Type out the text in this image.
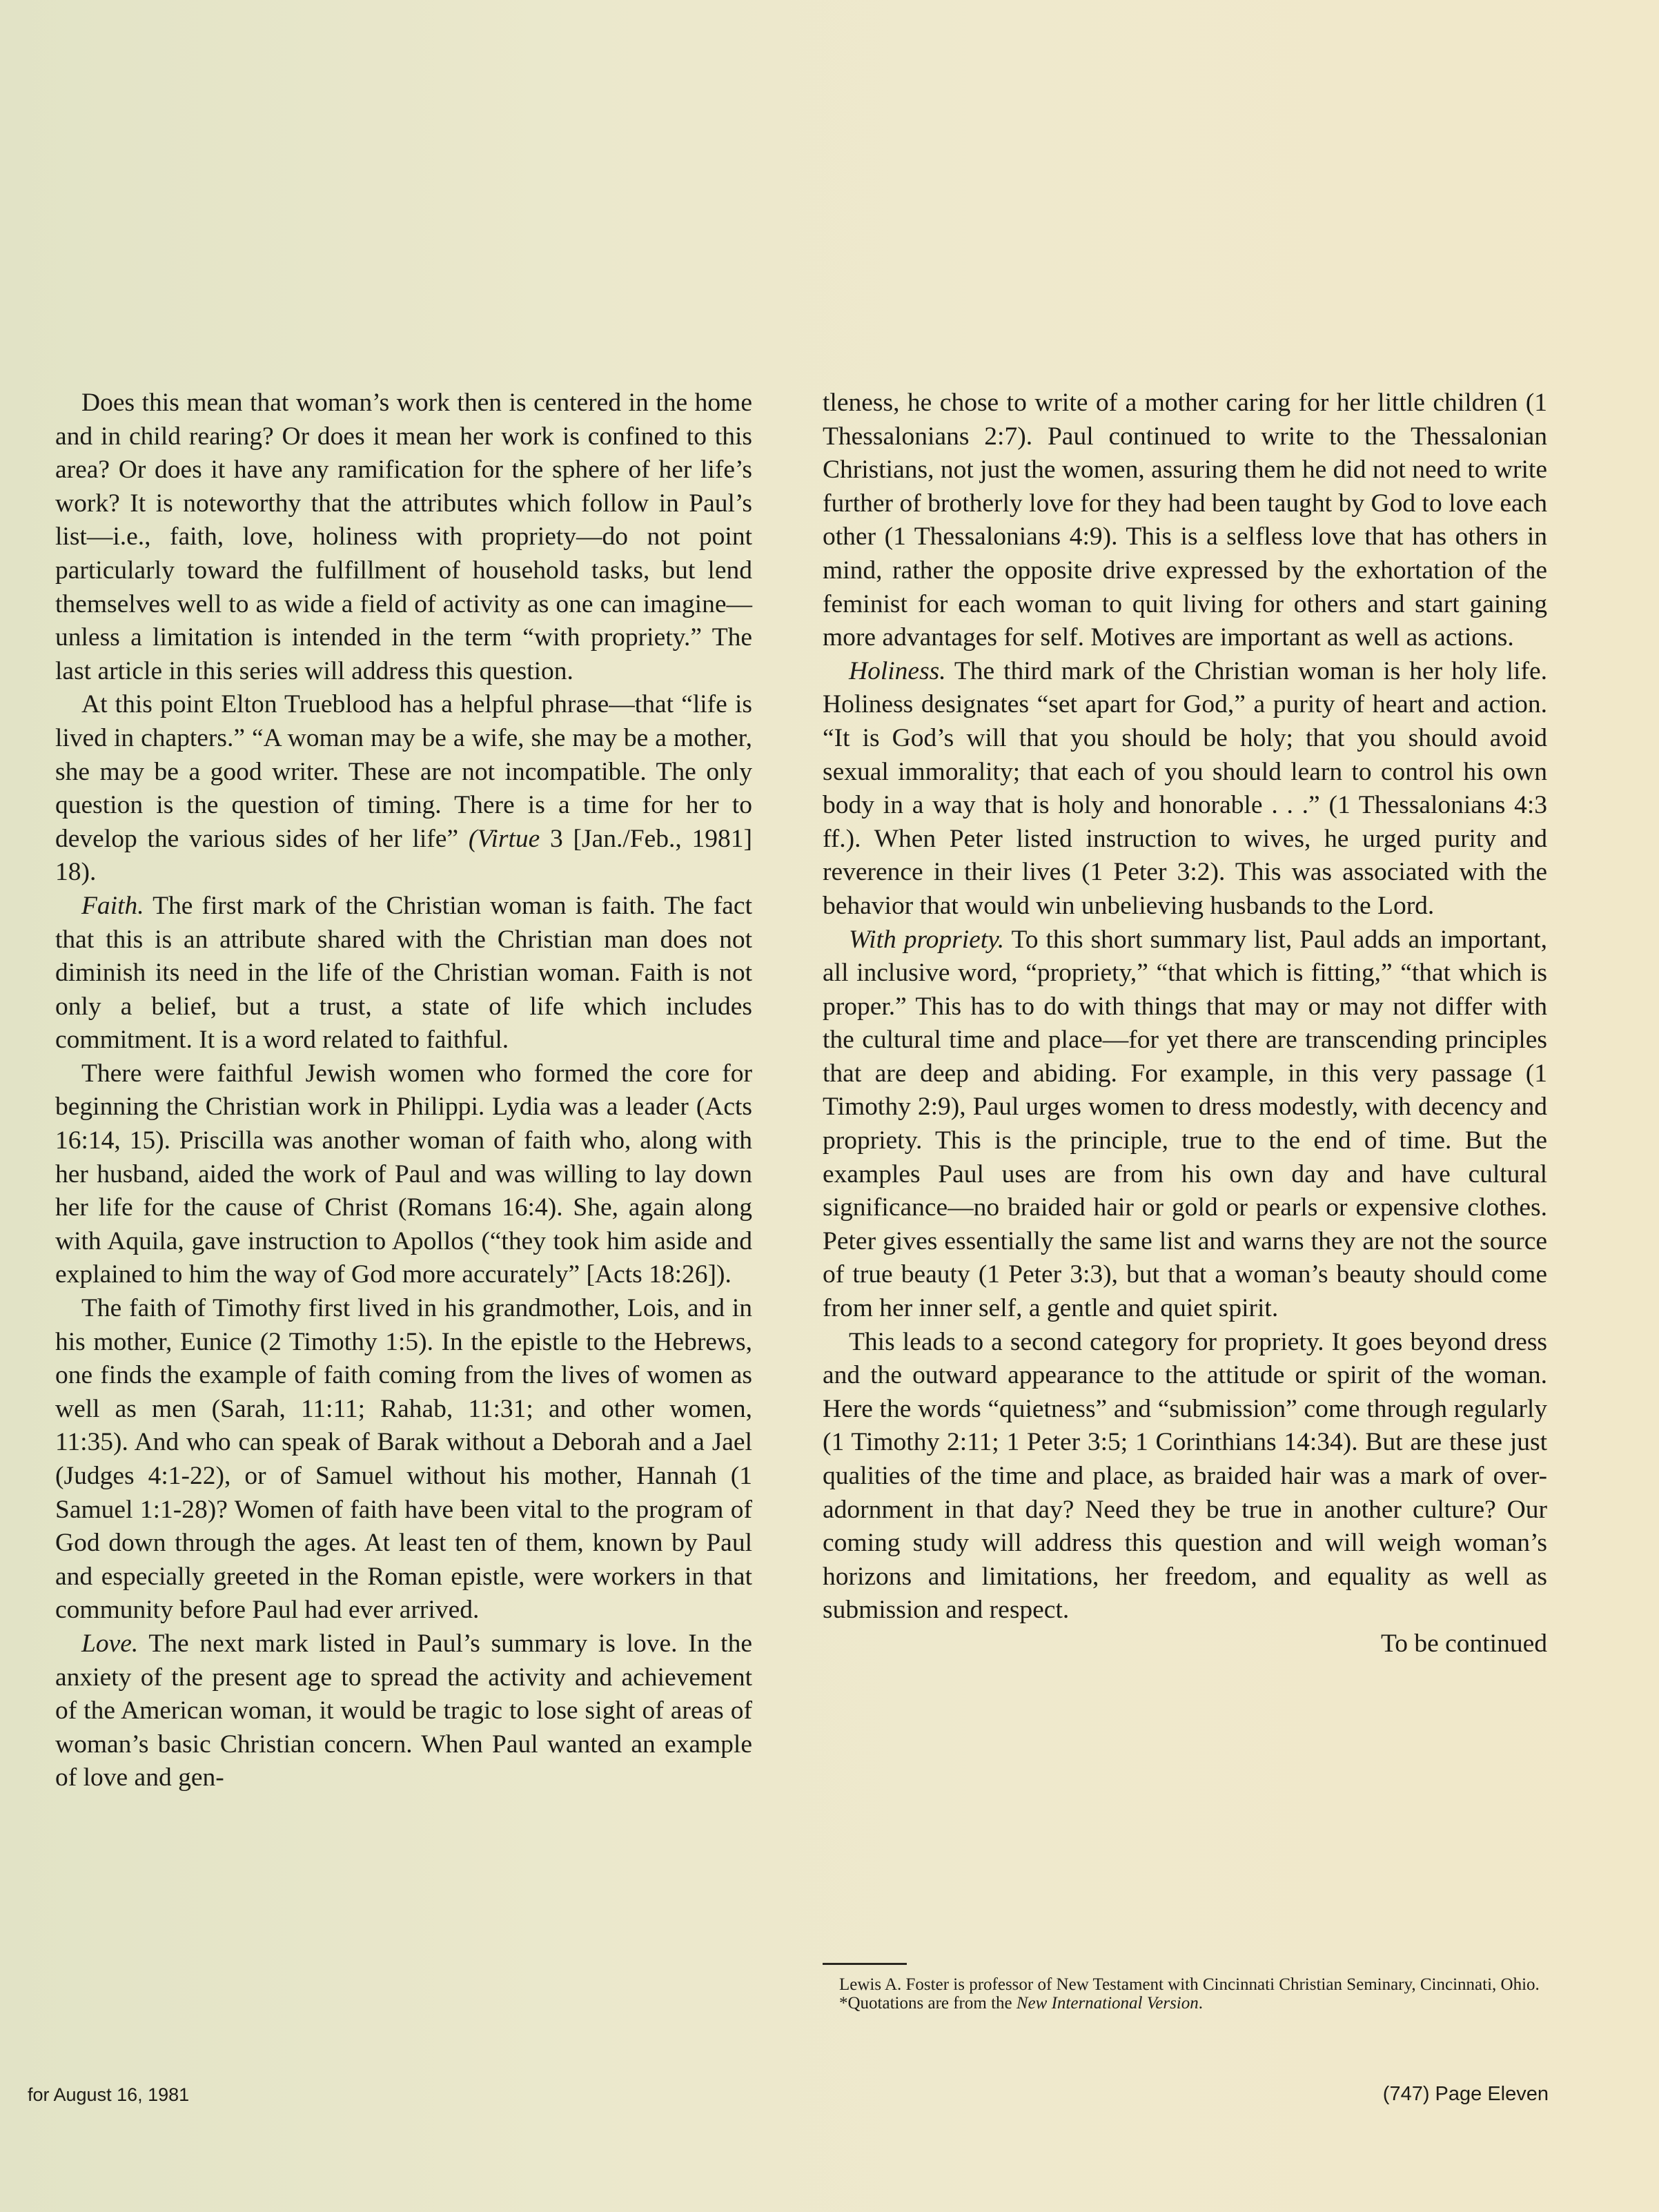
Does this mean that woman’s work then is centered in the home and in child rearing? Or does it mean her work is confined to this area? Or does it have any ramification for the sphere of her life’s work? It is noteworthy that the attributes which follow in Paul’s list—i.e., faith, love, holiness with propriety—do not point particularly toward the fulfillment of household tasks, but lend themselves well to as wide a field of activity as one can imagine—unless a limitation is intended in the term “with propriety.” The last article in this series will address this question.

At this point Elton Trueblood has a helpful phrase—that “life is lived in chapters.” “A woman may be a wife, she may be a mother, she may be a good writer. These are not incompatible. The only question is the question of timing. There is a time for her to develop the various sides of her life” (Virtue 3 [Jan./Feb., 1981] 18).

Faith. The first mark of the Christian woman is faith. The fact that this is an attribute shared with the Christian man does not diminish its need in the life of the Christian woman. Faith is not only a belief, but a trust, a state of life which includes commitment. It is a word related to faithful.

There were faithful Jewish women who formed the core for beginning the Christian work in Philippi. Lydia was a leader (Acts 16:14, 15). Priscilla was another woman of faith who, along with her husband, aided the work of Paul and was willing to lay down her life for the cause of Christ (Romans 16:4). She, again along with Aquila, gave instruction to Apollos (“they took him aside and explained to him the way of God more accurately” [Acts 18:26]).

The faith of Timothy first lived in his grandmother, Lois, and in his mother, Eunice (2 Timothy 1:5). In the epistle to the Hebrews, one finds the example of faith coming from the lives of women as well as men (Sarah, 11:11; Rahab, 11:31; and other women, 11:35). And who can speak of Barak without a Deborah and a Jael (Judges 4:1-22), or of Samuel without his mother, Hannah (1 Samuel 1:1-28)? Women of faith have been vital to the program of God down through the ages. At least ten of them, known by Paul and especially greeted in the Roman epistle, were workers in that community before Paul had ever arrived.

Love. The next mark listed in Paul’s summary is love. In the anxiety of the present age to spread the activity and achievement of the American woman, it would be tragic to lose sight of areas of woman’s basic Christian concern. When Paul wanted an example of love and gen-

tleness, he chose to write of a mother caring for her little children (1 Thessalonians 2:7). Paul continued to write to the Thessalonian Christians, not just the women, assuring them he did not need to write further of brotherly love for they had been taught by God to love each other (1 Thessalonians 4:9). This is a selfless love that has others in mind, rather the opposite drive expressed by the exhortation of the feminist for each woman to quit living for others and start gaining more advantages for self. Motives are important as well as actions.

Holiness. The third mark of the Christian woman is her holy life. Holiness designates “set apart for God,” a purity of heart and action. “It is God’s will that you should be holy; that you should avoid sexual immorality; that each of you should learn to control his own body in a way that is holy and honorable . . .” (1 Thessalonians 4:3 ff.). When Peter listed instruction to wives, he urged purity and reverence in their lives (1 Peter 3:2). This was associated with the behavior that would win unbelieving husbands to the Lord.

With propriety. To this short summary list, Paul adds an important, all inclusive word, “propriety,” “that which is fitting,” “that which is proper.” This has to do with things that may or may not differ with the cultural time and place—for yet there are transcending principles that are deep and abiding. For example, in this very passage (1 Timothy 2:9), Paul urges women to dress modestly, with decency and propriety. This is the principle, true to the end of time. But the examples Paul uses are from his own day and have cultural significance—no braided hair or gold or pearls or expensive clothes. Peter gives essentially the same list and warns they are not the source of true beauty (1 Peter 3:3), but that a woman’s beauty should come from her inner self, a gentle and quiet spirit.

This leads to a second category for propriety. It goes beyond dress and the outward appearance to the attitude or spirit of the woman. Here the words “quietness” and “submission” come through regularly (1 Timothy 2:11; 1 Peter 3:5; 1 Corinthians 14:34). But are these just qualities of the time and place, as braided hair was a mark of over-adornment in that day? Need they be true in another culture? Our coming study will address this question and will weigh woman’s horizons and limitations, her freedom, and equality as well as submission and respect.

To be continued

Lewis A. Foster is professor of New Testament with Cincinnati Christian Seminary, Cincinnati, Ohio.

*Quotations are from the New International Version.

for August 16, 1981	(747) Page Eleven
